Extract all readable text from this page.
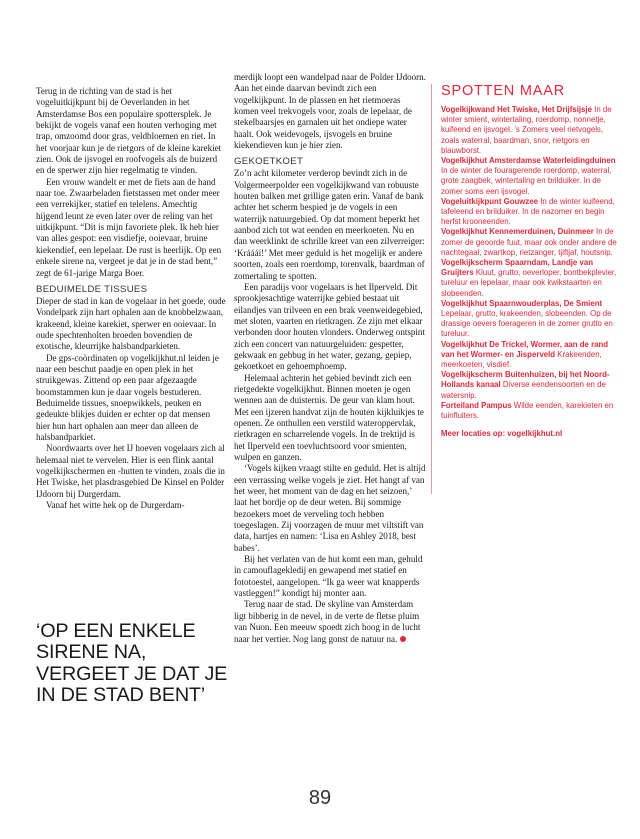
Terug in de richting van de stad is het vogeluitkijkpunt bij de Oeverlanden in het Amsterdamse Bos een populaire spottersplek. Je bekijkt de vogels vanaf een houten verhoging met trap, omzoomd door gras, veldbloemen en riet. In het voorjaar kun je de rietgors of de kleine karekiet zien. Ook de ijsvogel en roofvogels als de buizerd en de sperwer zijn hier regelmatig te vinden.

Een vrouw wandelt er met de fiets aan de hand naar toe. Zwaarbeladen fietstassen met onder meer een verrekijker, statief en telelens. Amechtig hijgend leunt ze even later over de reling van het uitkijkpunt. “Dit is mijn favoriete plek. Ik heb hier van alles gespot: een visdiefje, ooievaar, bruine kiekendief, een lepelaar. De rust is heerlijk. Op een enkele sirene na, vergeet je dat je in de stad bent,” zegt de 61-jarige Marga Boer.

BEDUIMELDE TISSUES

Dieper de stad in kan de vogelaar in het goede, oude Vondelpark zijn hart ophalen aan de knobbelzwaan, krakeend, kleine karekiet, sperwer en ooievaar. In oude spechtenholten broeden bovendien de exotische, kleurrijke halsbandparkieten.

De gps-coördinaten op vogelkijkhut.nl leiden je naar een beschut paadje en open plek in het struikgewas. Zittend op een paar afgezaagde boomstammen kun je daar vogels bestuderen. Beduimelde tissues, snoepwikkels, peuken en gedeukte blikjes duiden er echter op dat mensen hier hun hart ophalen aan meer dan alleen de halsbandparkiet.

Noordwaarts over het IJ hoeven vogelaars zich al helemaal niet te vervelen. Hier is een flink aantal vogelkijkschermen en -hutten te vinden, zoals die in Het Twiske, het plasdrasgebied De Kinsel en Polder IJdoorn bij Durgerdam.

Vanaf het witte hek op de Durgerdam-

‘OP EEN ENKELE SIRENE NA, VERGEET JE DAT JE IN DE STAD BENT’

merdijk loopt een wandelpad naar de Polder IJdoorn. Aan het einde daarvan bevindt zich een vogelkijkpunt. In de plassen en het rietmoeras komen veel trekvogels voor, zoals de lepelaar, de stekelbaarsjes en garnalen uit het ondiepe water haalt. Ook weidevogels, ijsvogels en bruine kiekendieven kun je hier zien.

GEKOETKOET

Zo’n acht kilometer verderop bevindt zich in de Volgermeerpolder een vogelkijkwand van robuuste houten balken met grillige gaten erin. Vanaf de bank achter het scherm bespied je de vogels in een waterrijk natuurgebied. Op dat moment beperkt het aanbod zich tot wat eenden en meerkoeten. Nu en dan weerklinkt de schrille kreet van een zilverreiger: ‘Kráááí!’ Met meer geduld is het mogelijk er andere soorten, zoals een roerdomp, torenvalk, baardman of zomertaling te spotten.

Een paradijs voor vogelaars is het Ilperveld. Dit sprookjesachtige waterrijke gebied bestaat uit eilandjes van trilveen en een brak veenweidegebied, met sloten, vaarten en rietkragen. Ze zijn met elkaar verbonden door houten vlonders. Onderweg ontspint zich een concert van natuurgeluiden: gespetter, gekwaak en gebbug in het water, gezang, gepiep, gekoetkoet en gehoemphoemp.

Helemaal achterin het gebied bevindt zich een rietgedekte vogelkijkhut. Binnen moeten je ogen wennen aan de duisternis. De geur van klam hout. Met een ijzeren handvat zijn de houten kijkluikjes te openen. Ze onthullen een verstild wateroppervlak, rietkragen en scharrelende vogels. In de trektijd is het Ilperveld een toevluchtsoord voor smienten, wulpen en ganzen.

‘Vogels kijken vraagt stilte en geduld. Het is altijd een verrassing welke vogels je ziet. Het hangt af van het weer, het moment van de dag en het seizoen,’ laat het bordje op de deur weten. Bij sommige bezoekers moet de verveling toch hebben toegeslagen. Zij voorzagen de muur met viltstift van data, hartjes en namen: ‘Lisa en Ashley 2018, best babes’.

Bij het verlaten van de hut komt een man, gehuld in camouflagekledij en gewapend met statief en fototoestel, aangelopen. “Ik ga weer wat knapperds vastleggen!” kondigt hij monter aan.

Terug naar de stad. De skyline van Amsterdam ligt bibberig in de nevel, in de verte de fletse pluim van Nuon. Een meeuw spoedt zich hoog in de lucht naar het vertier. Nog lang gonst de natuur na.

SPOTTEN MAAR

Vogelkijkwand Het Twiske, Het Drijfsijsje In de winter smient, wintertaling, roerdomp, nonnetje, kuifeend en ijsvogel. ’s Zomers veel rietvogels, zoals waterral, baardman, snor, rietgors en blauwborst.

Vogelkijkhut Amsterdamse Waterleidingduinen In de winter de fouragerende roerdomp, waterral, grote zaagbek, wintertaling en brilduiker. In de zomer soms een ijsvogel.

Vogeluitkijkpunt Gouwzee In de winter kuifeend, tafeleend en brilduiker. In de nazomer en begin herfst krooneenden.

Vogelkijkhut Kennemerduinen, Duinmeer In de zomer de geoorde fuut, maar ook onder andere de nachtegaal, zwartkop, rietzanger, tjiftjaf, houtsnip.

Vogelkijkscherm Spaarndam, Landje van Gruijters Kluut, grutto, oeverloper, bontbekplevier, tureluur en lepelaar, maar ook kwikstaarten en slobeenden.

Vogelkijkhut Spaarnwouderplas, De Smient Lepelaar, grutto, krakeenden, slobeenden. Op de drassige oevers foerageren in de zomer grutto en tureluur.

Vogelkijkhut De Trickel, Wormer, aan de rand van het Wormer- en Jisperveld Krakeenden, meerkoeten, visdief.

Vogelkijkscherm Buitenhuizen, bij het Noord-Hollands kanaal Diverse eendensoorten en de watersnip.

Forteiland Pampus Wilde eenden, karekieten en tuinfluiters.

Meer locaties op: vogelkijkhut.nl
89
